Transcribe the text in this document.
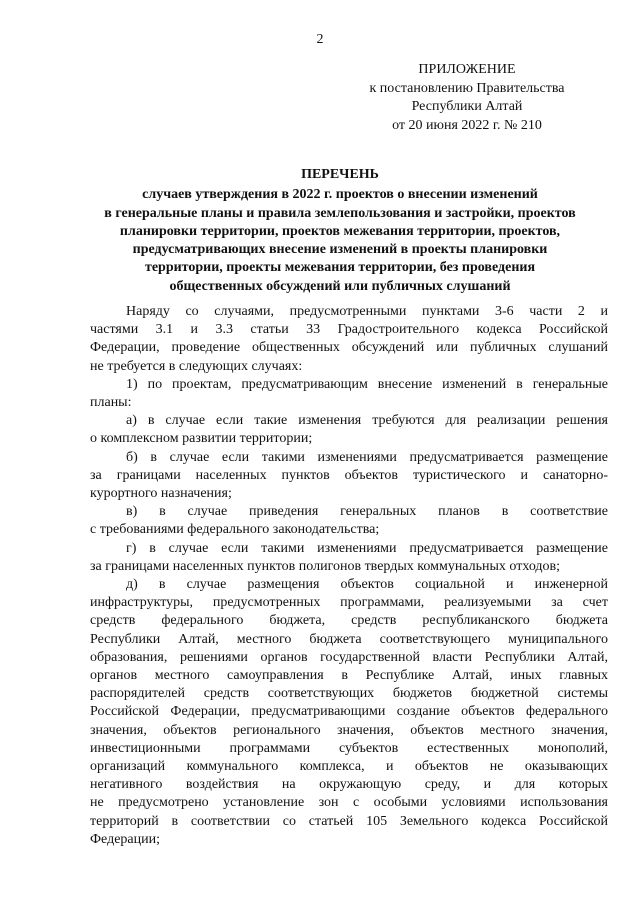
2
ПРИЛОЖЕНИЕ
к постановлению Правительства
Республики Алтай
от 20 июня 2022 г. № 210
ПЕРЕЧЕНЬ
случаев утверждения в 2022 г. проектов о внесении изменений
в генеральные планы и правила землепользования и застройки, проектов
планировки территории, проектов межевания территории, проектов,
предусматривающих внесение изменений в проекты планировки
территории, проекты межевания территории, без проведения
общественных обсуждений или публичных слушаний

Наряду со случаями, предусмотренными пунктами 3-6 части 2 и
частями 3.1 и 3.3 статьи 33 Градостроительного кодекса Российской
Федерации, проведение общественных обсуждений или публичных слушаний
не требуется в следующих случаях:

1) по проектам, предусматривающим внесение изменений в генеральные
планы:

а) в случае если такие изменения требуются для реализации решения
о комплексном развитии территории;

б) в случае если такими изменениями предусматривается размещение
за границами населенных пунктов объектов туристического и санаторно-
курортного назначения;

в) в случае приведения генеральных планов в соответствие
с требованиями федерального законодательства;

г) в случае если такими изменениями предусматривается размещение
за границами населенных пунктов полигонов твердых коммунальных отходов;

д) в случае размещения объектов социальной и инженерной
инфраструктуры, предусмотренных программами, реализуемыми за счет
средств федерального бюджета, средств республиканского бюджета
Республики Алтай, местного бюджета соответствующего муниципального
образования, решениями органов государственной власти Республики Алтай,
органов местного самоуправления в Республике Алтай, иных главных
распорядителей средств соответствующих бюджетов бюджетной системы
Российской Федерации, предусматривающими создание объектов федерального
значения, объектов регионального значения, объектов местного значения,
инвестиционными программами субъектов естественных монополий,
организаций коммунального комплекса, и объектов не оказывающих
негативного воздействия на окружающую среду, и для которых
не предусмотрено установление зон с особыми условиями использования
территорий в соответствии со статьей 105 Земельного кодекса Российской
Федерации;
